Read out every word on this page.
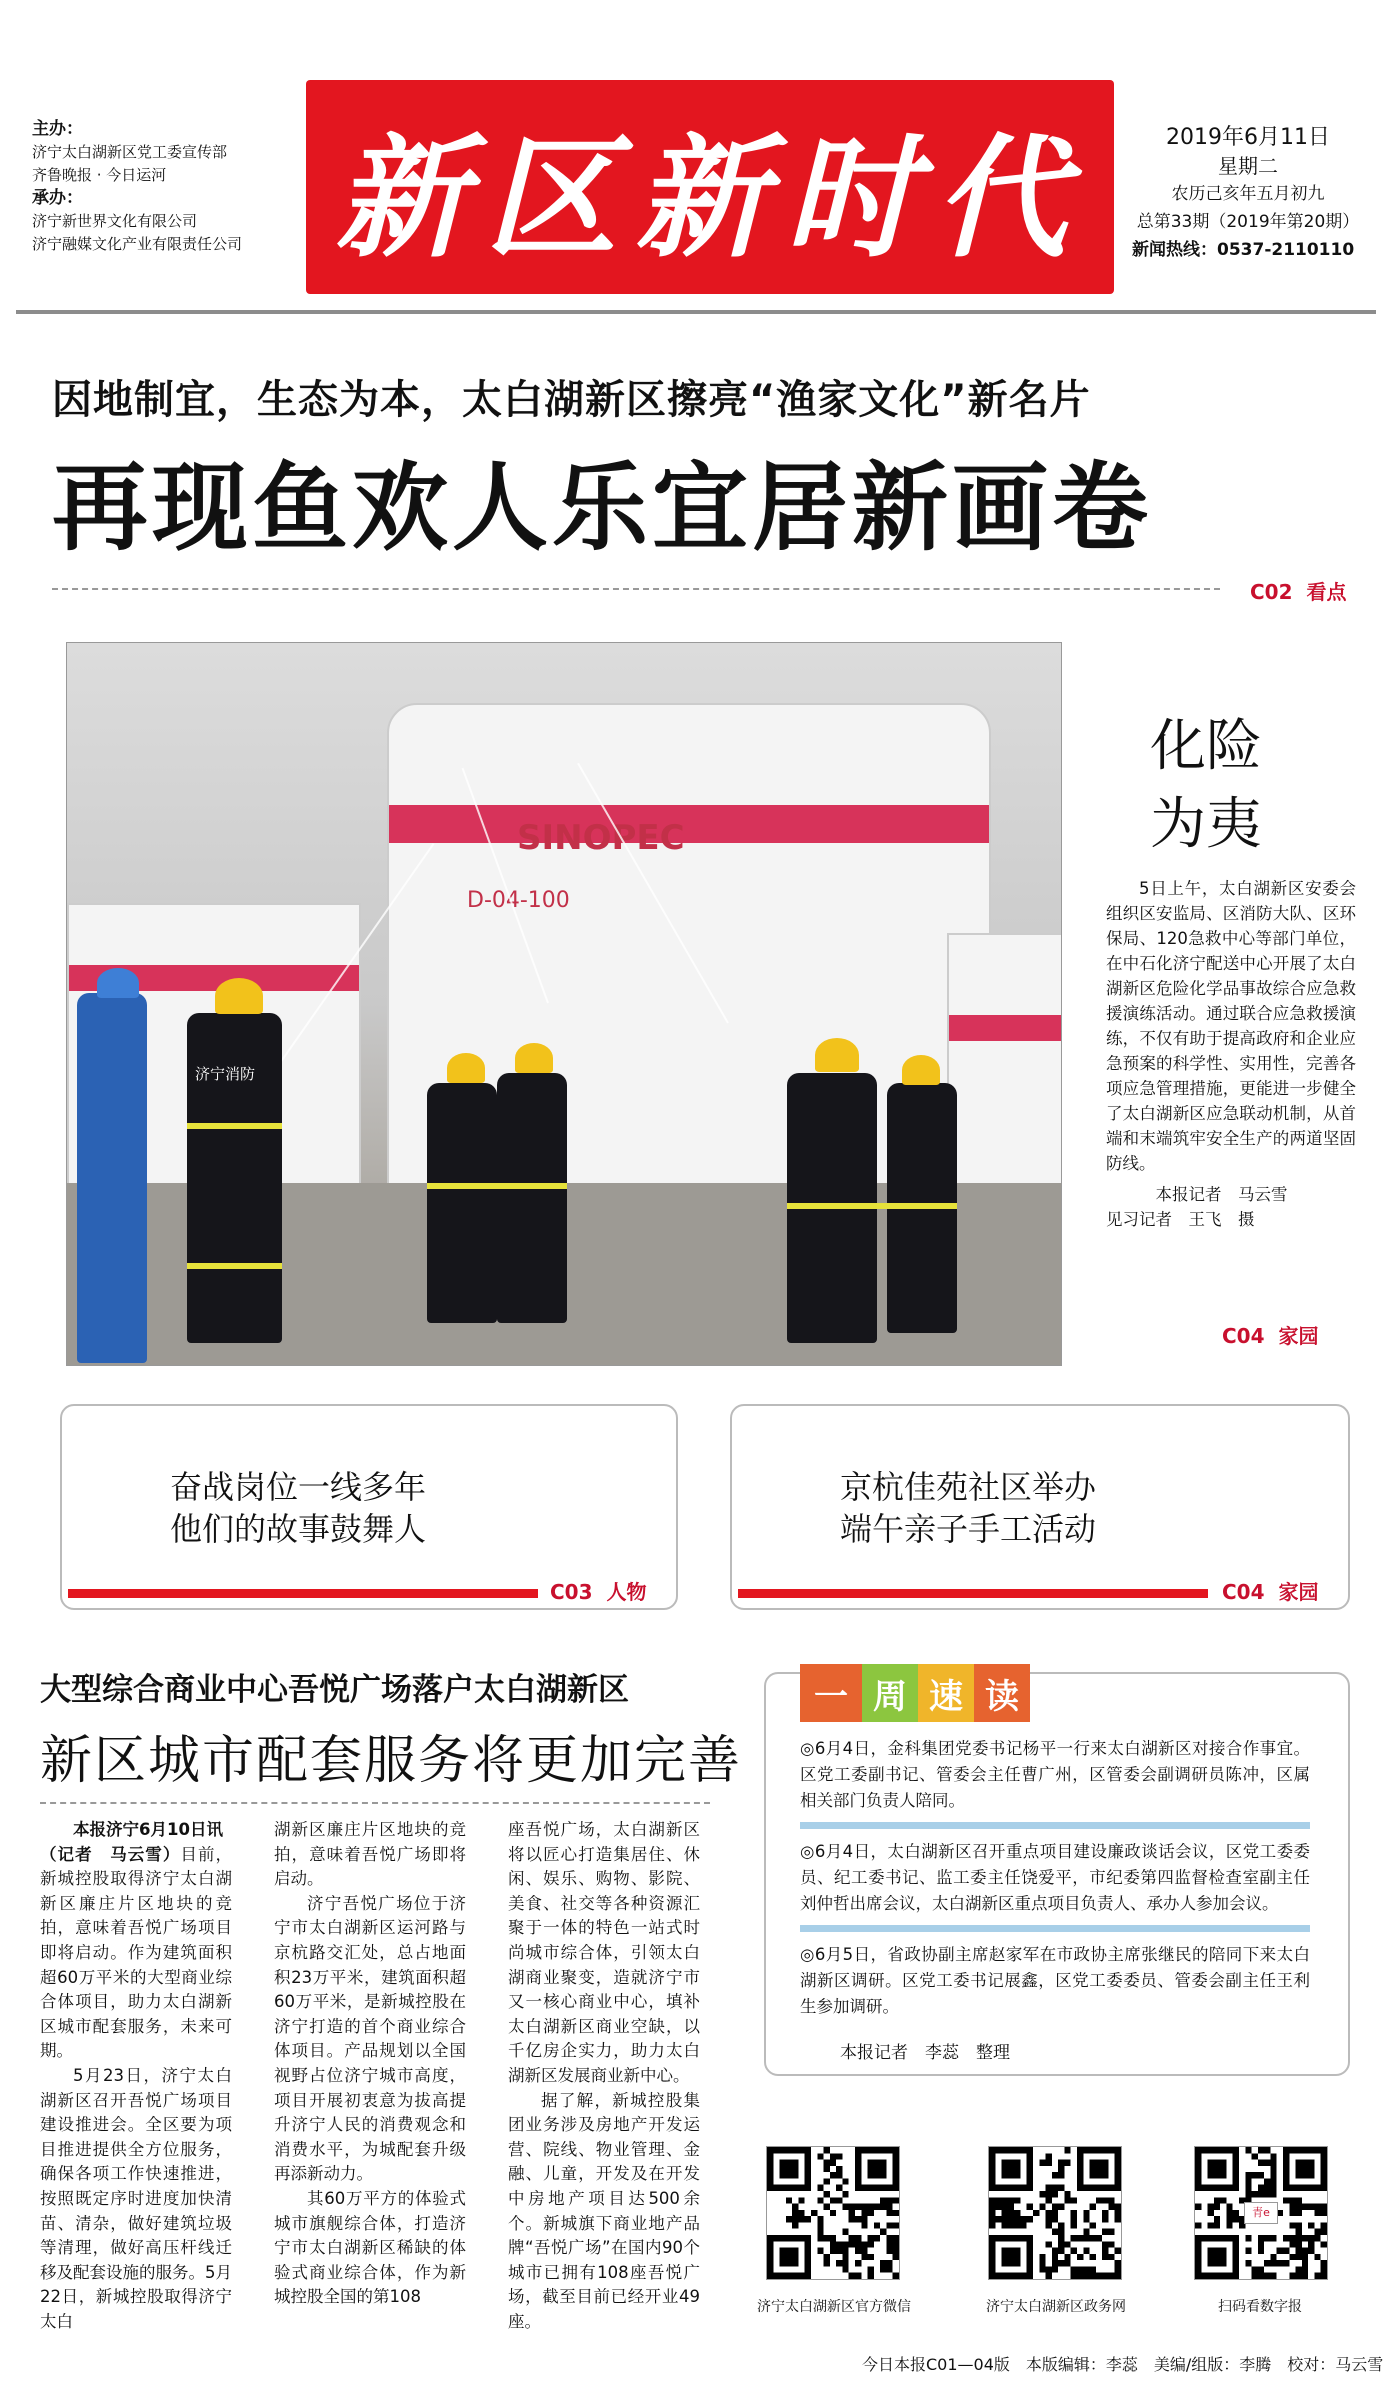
主办：
济宁太白湖新区党工委宣传部
齐鲁晚报 · 今日运河
承办：
济宁新世界文化有限公司
济宁融媒文化产业有限责任公司 新区新时代	2019年6月11日
星期二
农历己亥年五月初九
总第33期（2019年第20期）
新闻热线：0537-2110110
因地制宜，生态为本，太白湖新区擦亮“渔家文化”新名片
再现鱼欢人乐宜居新画卷
C02 看点
SINOPEC
D-04-100
济宁消防
化险
为夷
5日上午，太白湖新区安委会组织区安监局、区消防大队、区环保局、120急救中心等部门单位，在中石化济宁配送中心开展了太白湖新区危险化学品事故综合应急救援演练活动。通过联合应急救援演练，不仅有助于提高政府和企业应急预案的科学性、实用性，完善各项应急管理措施，更能进一步健全了太白湖新区应急联动机制，从首端和末端筑牢安全生产的两道坚固防线。
本报记者　马云雪
见习记者　王飞　摄
C04 家园
奋战岗位一线多年
他们的故事鼓舞人
C03 人物
京杭佳苑社区举办
端午亲子手工活动
C04 家园
大型综合商业中心吾悦广场落户太白湖新区
新区城市配套服务将更加完善

本报济宁6月10日讯

（记者　马云雪）目前，新城控股取得济宁太白湖新区廉庄片区地块的竞拍，意味着吾悦广场项目即将启动。作为建筑面积超60万平米的大型商业综合体项目，助力太白湖新区城市配套服务，未来可期。

5月23日，济宁太白湖新区召开吾悦广场项目建设推进会。全区要为项目推进提供全方位服务，确保各项工作快速推进，按照既定序时进度加快清苗、清杂，做好建筑垃圾等清理，做好高压杆线迁移及配套设施的服务。5月22日，新城控股取得济宁太白

湖新区廉庄片区地块的竞拍，意味着吾悦广场即将启动。

济宁吾悦广场位于济宁市太白湖新区运河路与京杭路交汇处，总占地面积23万平米，建筑面积超60万平米，是新城控股在济宁打造的首个商业综合体项目。产品规划以全国视野占位济宁城市高度，项目开展初衷意为拔高提升济宁人民的消费观念和消费水平，为城配套升级再添新动力。

其60万平方的体验式城市旗舰综合体，打造济宁市太白湖新区稀缺的体验式商业综合体，作为新城控股全国的第108

座吾悦广场，太白湖新区将以匠心打造集居住、休闲、娱乐、购物、影院、美食、社交等各种资源汇聚于一体的特色一站式时尚城市综合体，引领太白湖商业聚变，造就济宁市又一核心商业中心，填补太白湖新区商业空缺，以千亿房企实力，助力太白湖新区发展商业新中心。

据了解，新城控股集团业务涉及房地产开发运营、院线、物业管理、金融、儿童，开发及在开发中房地产项目达500余个。新城旗下商业地产品牌“吾悦广场”在国内90个城市已拥有108座吾悦广场，截至目前已经开业49座。

一 周 速 读
◎6月4日，金科集团党委书记杨平一行来太白湖新区对接合作事宜。区党工委副书记、管委会主任曹广州，区管委会副调研员陈冲，区属相关部门负责人陪同。
◎6月4日，太白湖新区召开重点项目建设廉政谈话会议，区党工委委员、纪工委书记、监工委主任饶爱平，市纪委第四监督检查室副主任刘仲哲出席会议，太白湖新区重点项目负责人、承办人参加会议。
◎6月5日，省政协副主席赵家军在市政协主席张继民的陪同下来太白湖新区调研。区党工委书记展鑫，区党工委委员、管委会副主任王利生参加调研。
本报记者　李蕊　整理
济宁太白湖新区官方微信	济宁太白湖新区政务网
青e
扫码看数字报
今日本报C01—04版　本版编辑：李蕊　美编/组版：李腾　校对：马云雪
